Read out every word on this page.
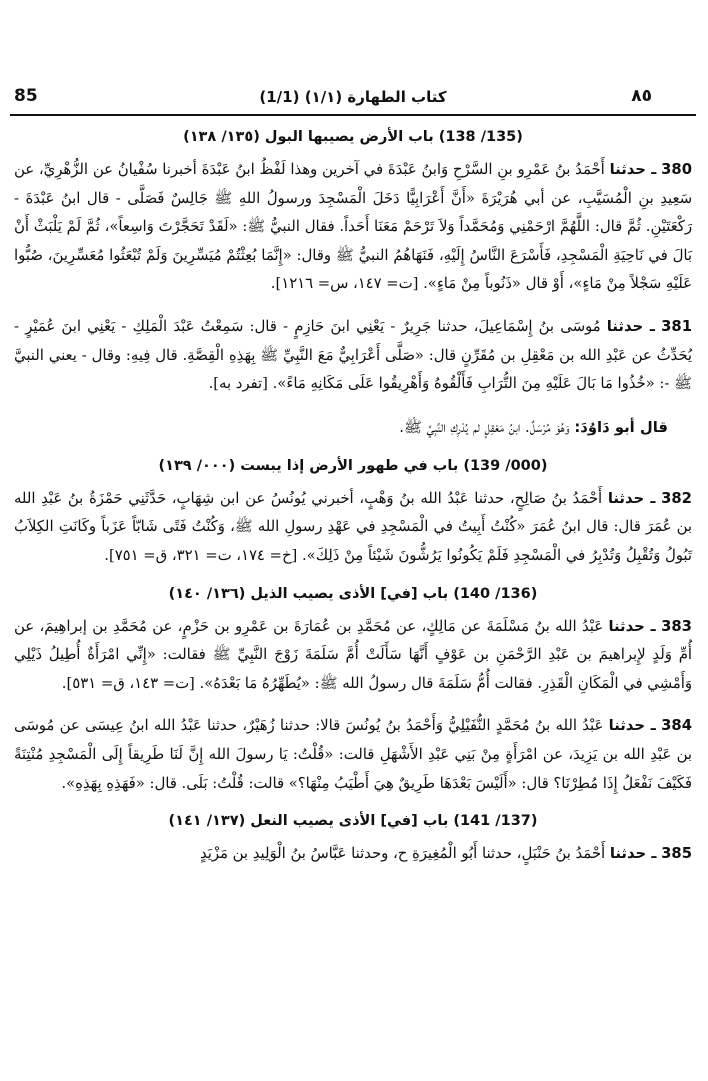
85	(1/1) كتاب الطهارة (١/١)	٨٥
(135/ 138) باب الأرض يصيبها البول (١٣٥/ ١٣٨)

380 ـ حدثنا أَحْمَدُ بنُ عَمْرِو بنِ السَّرْحِ وَابنُ عَبْدَةَ في آخرين وهذا لَفْظُ ابنُ عَبْدَةَ أخبرنا سُفْيانُ عن الزُّهْرِيِّ، عن سَعِيدِ بنِ الْمُسَيَّبِ، عن أبي هُرَيْرَةَ «أَنَّ أَعْرَابِيًّا دَخَلَ الْمَسْجِدَ ورسولُ اللهِ ﷺ جَالِسٌ فَصَلَّى - قال ابنُ عَبْدَةَ - رَكْعَتَيْنِ. ثُمَّ قال: اللَّهُمَّ ارْحَمْنِي وَمُحَمَّداً وَلاَ تَرْحَمْ مَعَنَا أَحَداً. فقال النبيُّ ﷺ: «لَقَدْ تَحَجَّرْتَ وَاسِعاً»، ثُمَّ لَمْ يَلْبَثْ أَنْ بَالَ في نَاحِيَةِ الْمَسْجِدِ، فَأَسْرَعَ النَّاسُ إِلَيْهِ، فَنَهَاهُمُ النبيُّ ﷺ وقال: «إِنَّمَا بُعِثْتُمْ مُيَسِّرِينَ وَلَمْ تُبْعَثُوا مُعَسِّرِينَ، صُبُّوا عَلَيْهِ سَجْلاً مِنْ مَاءٍ»، أَوْ قال «ذَنُوباً مِنْ مَاءٍ». [ت= ١٤٧، س= ١٢١٦].

381 ـ حدثنا مُوسَى بنُ إِسْمَاعِيلَ، حدثنا جَرِيرٌ - يَعْنِي ابنَ حَازِمٍ - قال: سَمِعْتُ عَبْدَ الْمَلِكِ - يَعْنِي ابنَ عُمَيْرٍ - يُحَدِّثُ عن عَبْدِ الله بن مَعْقِلِ بن مُقَرِّنٍ قال: «صَلَّى أَعْرَابِيٌّ مَعَ النَّبِيِّ ﷺ بِهَذِهِ الْقِصَّةِ. قال فِيهِ: وقال - يعني النبيَّ ﷺ -: «خُذُوا مَا بَالَ عَلَيْهِ مِنَ التُّرَابِ فَأَلْقُوهُ وَأَهْرِيقُوا عَلَى مَكَانِهِ مَاءً». [تفرد به].

قال أبو دَاوُدَ: وَهُوَ مُرْسَلٌ. ابنُ مَعْقِلٍ لم يُدْرِكِ النَّبِيَّ ﷺ.

(000/ 139) باب في طهور الأرض إذا يبست (٠٠٠/ ١٣٩)

382 ـ حدثنا أَحْمَدُ بنُ صَالِحٍ، حدثنا عَبْدُ الله بنُ وَهْبٍ، أخبرني يُونُسُ عن ابن شِهَابٍ، حَدَّثَنِي حَمْزَةُ بنُ عَبْدِ الله بن عُمَرَ قال: قال ابنُ عُمَرَ «كُنْتُ أَبِيتُ في الْمَسْجِدِ في عَهْدِ رسولِ الله ﷺ، وَكُنْتُ فَتًى شَابّاً عَزَباً وكَانَتِ الكِلاَبُ تَبُولُ وَتُقْبِلُ وَتُدْبِرُ في الْمَسْجِدِ فَلَمْ يَكُونُوا يَرُشُّونَ شَيْئاً مِنْ ذَلِكَ». [خ= ١٧٤، ت= ٣٢١، ق= ٧٥١].

(136/ 140) باب [في] الأذى يصيب الذيل (١٣٦/ ١٤٠)

383 ـ حدثنا عَبْدُ الله بنُ مَسْلَمَةَ عن مَالِكٍ، عن مُحَمَّدِ بن عُمَارَةَ بن عَمْرِو بن حَزْمٍ، عن مُحَمَّدِ بن إبراهِيمَ، عن أُمِّ وَلَدٍ لإِبراهيمَ بن عَبْدِ الرَّحْمَنِ بن عَوْفٍ أَنَّهَا سَأَلَتْ أُمَّ سَلَمَةَ زَوْجَ النَّبِيِّ ﷺ فقالت: «إِنِّي امْرَأَةٌ أُطِيلُ ذَيْلِي وَأَمْشِي في الْمَكَانِ الْقَذِرِ. فقالت أُمُّ سَلَمَةَ قال رسولُ الله ﷺ: «يُطَهِّرُهُ مَا بَعْدَهُ». [ت= ١٤٣، ق= ٥٣١].

384 ـ حدثنا عَبْدُ الله بنُ مُحَمَّدٍ النُّفَيْلِيُّ وَأَحْمَدُ بنُ يُونُسَ قالا: حدثنا زُهَيْرٌ، حدثنا عَبْدُ الله ابنُ عِيسَى عن مُوسَى بن عَبْدِ الله بن يَزِيدَ، عن امْرَأَةٍ مِنْ بَنِي عَبْدِ الأَشْهَلِ قالت: «قُلْتُ: يَا رسولَ الله إِنَّ لَنَا طَرِيقاً إِلَى الْمَسْجِدِ مُنْتِنَةً فَكَيْفَ نَفْعَلُ إِذَا مُطِرْنَا؟ قال: «أَلَيْسَ بَعْدَهَا طَرِيقٌ هِيَ أَطْيَبُ مِنْهَا؟» قالت: قُلْتُ: بَلَى. قال: «فَهَذِهِ بِهَذِهِ».

(137/ 141) باب [في] الأذى يصيب النعل (١٣٧/ ١٤١)

385 ـ حدثنا أَحْمَدُ بنُ حَنْبَلٍ، حدثنا أَبُو الْمُغِيرَةِ ح، وحدثنا عَبَّاسُ بنُ الْوَلِيدِ بن مَزْيَدٍ
